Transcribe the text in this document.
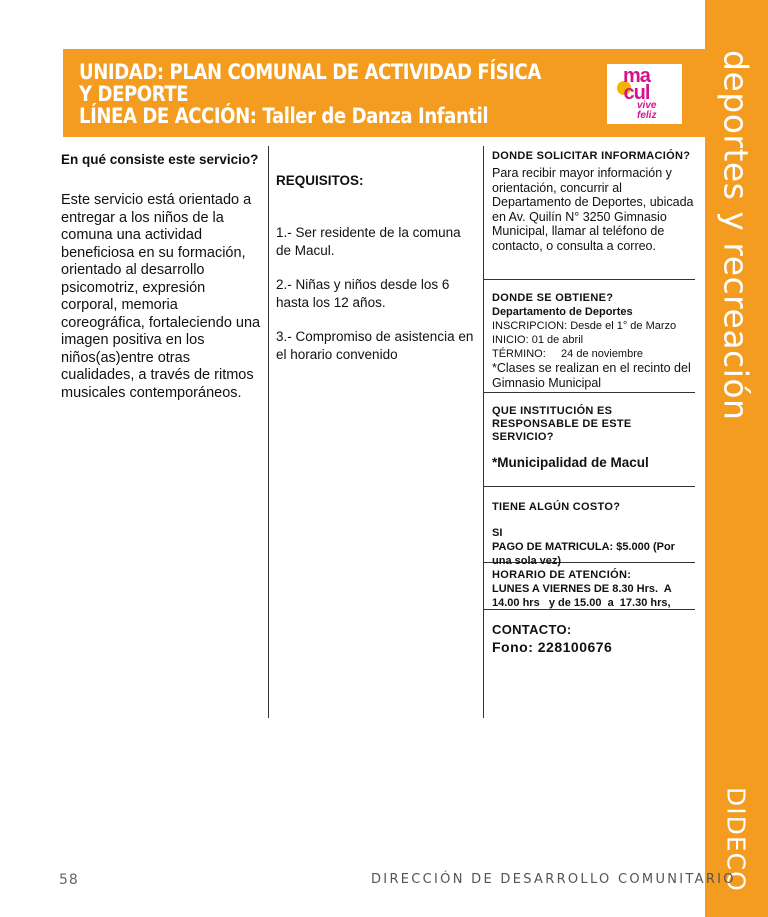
deportes y recreación
DIDECO
UNIDAD: PLAN COMUNAL DE ACTIVIDAD FÍSICA
Y DEPORTE
LÍNEA DE ACCIÓN: Taller de Danza Infantil
ma
cul
vive
feliz

En qué consiste este servicio?

Este servicio está orientado a entregar a los niños de la comuna una actividad beneficiosa en su formación, orientado al desarrollo psicomotriz, expresión corporal, memoria coreográfica, fortaleciendo una imagen positiva en los niños(as)entre otras cualidades, a través de ritmos musicales contemporáneos.

REQUISITOS:

1.- Ser residente de la comuna de Macul.

2.- Niñas y niños desde los 6 hasta los 12 años.

3.- Compromiso de asistencia en el horario convenido

DONDE SOLICITAR INFORMACIÓN?

Para recibir mayor información y orientación, concurrir al Departamento de Deportes, ubicada en Av. Quilín N° 3250 Gimnasio Municipal, llamar al teléfono de contacto, o consulta a correo.

DONDE SE OBTIENE?

Departamento de Deportes

INSCRIPCION: Desde el 1° de Marzo

INICIO: 01 de abril

TÉRMINO:     24 de noviembre

*Clases se realizan en el recinto del Gimnasio Municipal

QUE INSTITUCIÓN ES RESPONSABLE DE ESTE SERVICIO?

*Municipalidad de Macul

TIENE ALGÚN COSTO?

SI

PAGO DE MATRICULA: $5.000 (Por una sola vez)

HORARIO DE ATENCIÓN:

LUNES A VIERNES DE 8.30 Hrs.  A 14.00 hrs   y de 15.00  a  17.30 hrs,

CONTACTO:

Fono: 228100676

58	DIRECCIÓN DE DESARROLLO COMUNITARIO
